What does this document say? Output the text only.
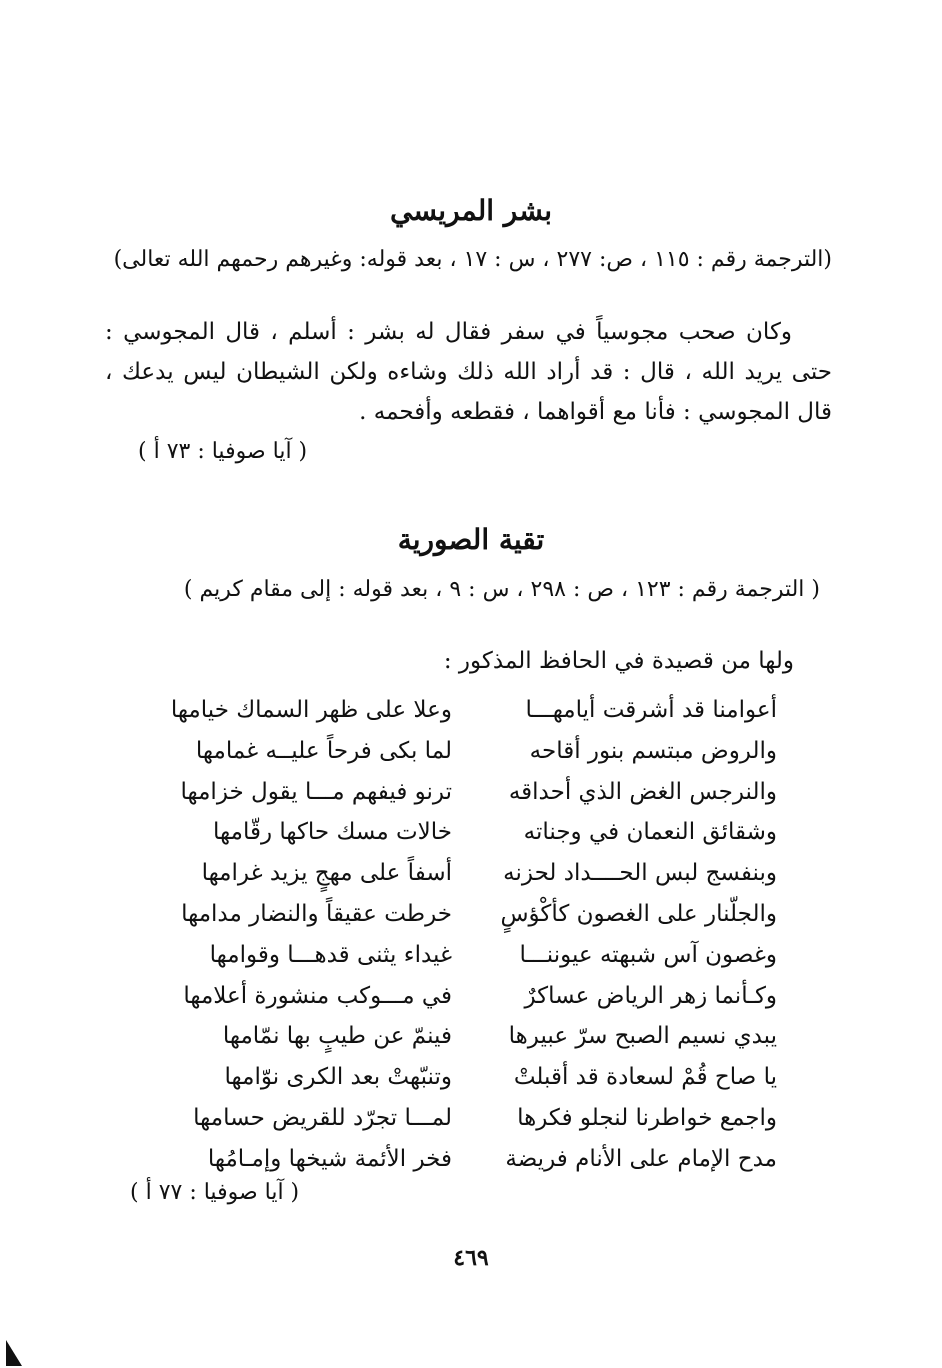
بشر المريسي
(الترجمة رقم : ١١٥ ، ص: ٢٧٧ ، س : ١٧ ، بعد قوله: وغيرهم رحمهم الله تعالى)
وكان صحب مجوسياً في سفر فقال له بشر : أسلم ، قال المجوسي : حتى يريد الله ، قال : قد أراد الله ذلك وشاءه ولكن الشيطان ليس يدعك ، قال المجوسي : فأنا مع أقواهما ، فقطعه وأفحمه .
( آيا صوفيا : ٧٣ أ )
تقية الصورية
( الترجمة رقم : ١٢٣ ، ص : ٢٩٨ ، س : ٩ ، بعد قوله : إلى مقام كريم )
ولها من قصيدة في الحافظ المذكور :
أعوامنا قد أشرقت أيامهـــا
وعلا على ظهر السماك خيامها
والروض مبتسم بنور أقاحه
لما بكى فرحاً عليــه غمامها
والنرجس الغض الذي أحداقه
ترنو فيفهم مـــا يقول خزامها
وشقائق النعمان في وجناته
خالات مسك حاكها رقّامها
وبنفسج لبس الحــــداد لحزنه
أسفاً على مهجٍ يزيد غرامها
والجلّنار على الغصون كأكْؤسٍ
خرطت عقيقاً والنضار مدامها
وغصون آس شبهته عيوننـــا
غيداء يثنى قدهـــا وقوامها
وكـأنما زهر الرياض عساكرٌ
في مـــوكب منشورة أعلامها
يبدي نسيم الصبح سرّ عبيرها
فينمّ عن طيبٍ بها نمّامها
يا صاح قُمْ لسعادة قد أقبلتْ
وتنبّهتْ بعد الكرى نوّامها
واجمع خواطرنا لنجلو فكرها
لمـــا تجرّد للقريض حسامها
مدح الإمام على الأنام فريضة
فخر الأئمة شيخها وإمـامُها
( آيا صوفيا : ٧٧ أ )
٤٦٩
